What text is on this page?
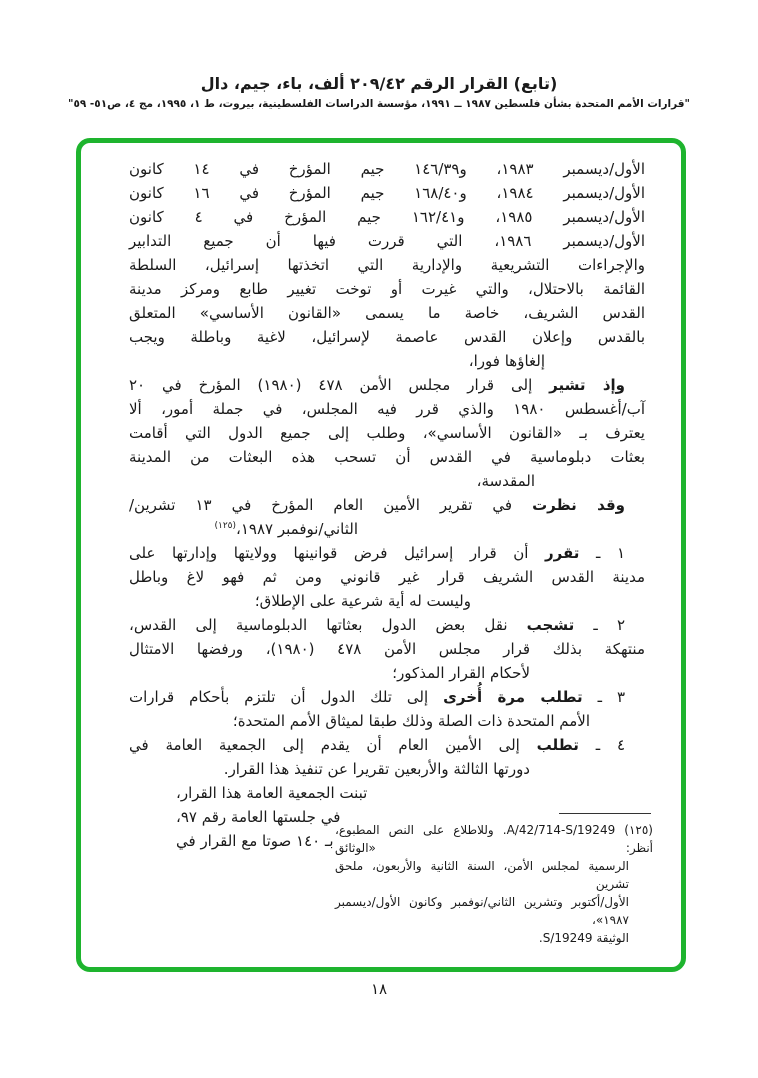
(تابع) القرار الرقم ٢٠٩/٤٢ ألف، باء، جيم، دال
"قرارات الأمم المتحدة بشأن فلسطين ١٩٨٧ ــ ١٩٩١، مؤسسة الدراسات الفلسطينية، بيروت، ط ١، ١٩٩٥، مج ٤، ص٥١- ٥٩"
الأول/ديسمبر ١٩٨٣، و١٤٦/٣٩ جيم المؤرخ في ١٤ كانون
الأول/ديسمبر ١٩٨٤، و١٦٨/٤٠ جيم المؤرخ في ١٦ كانون
الأول/ديسمبر ١٩٨٥، و١٦٢/٤١ جيم المؤرخ في ٤ كانون
الأول/ديسمبر ١٩٨٦، التي قررت فيها أن جميع التدابير
والإجراءات التشريعية والإدارية التي اتخذتها إسرائيل، السلطة
القائمة بالاحتلال، والتي غيرت أو توخت تغيير طابع ومركز مدينة
القدس الشريف، خاصة ما يسمى «القانون الأساسي» المتعلق
بالقدس وإعلان القدس عاصمة لإسرائيل، لاغية وباطلة ويجب
إلغاؤها فورا،
وإذ تشير إلى قرار مجلس الأمن ٤٧٨ (١٩٨٠) المؤرخ في ٢٠
آب/أغسطس ١٩٨٠ والذي قرر فيه المجلس، في جملة أمور، ألا
يعترف بـ «القانون الأساسي»، وطلب إلى جميع الدول التي أقامت
بعثات دبلوماسية في القدس أن تسحب هذه البعثات من المدينة
المقدسة،
وقد نظرت في تقرير الأمين العام المؤرخ في ١٣ تشرين/
الثاني/نوفمبر ١٩٨٧،$^{(١٢٥)}$
١ ـ تقرر أن قرار إسرائيل فرض قوانينها وولايتها وإدارتها على
مدينة القدس الشريف قرار غير قانوني ومن ثم فهو لاغ وباطل
وليست له أية شرعية على الإطلاق؛
٢ ـ تشجب نقل بعض الدول بعثاتها الدبلوماسية إلى القدس،
منتهكة بذلك قرار مجلس الأمن ٤٧٨ (١٩٨٠)، ورفضها الامتثال
لأحكام القرار المذكور؛
٣ ـ تطلب مرة أُخرى إلى تلك الدول أن تلتزم بأحكام قرارات
الأمم المتحدة ذات الصلة وذلك طبقا لميثاق الأمم المتحدة؛
٤ ـ تطلب إلى الأمين العام أن يقدم إلى الجمعية العامة في
دورتها الثالثة والأربعين تقريرا عن تنفيذ هذا القرار.
تبنت الجمعية العامة هذا القرار،
في جلستها العامة رقم ٩٧،
بـ ١٤٠ صوتا مع القرار في
(١٢٥) A/42/714-S/19249. وللاطلاع على النص المطبوع، أنظر: «الوثائق
الرسمية لمجلس الأمن، السنة الثانية والأربعون، ملحق تشرين
الأول/أكتوبر وتشرين الثاني/نوفمبر وكانون الأول/ديسمبر ١٩٨٧»،
الوثيقة S/19249.
١٨
